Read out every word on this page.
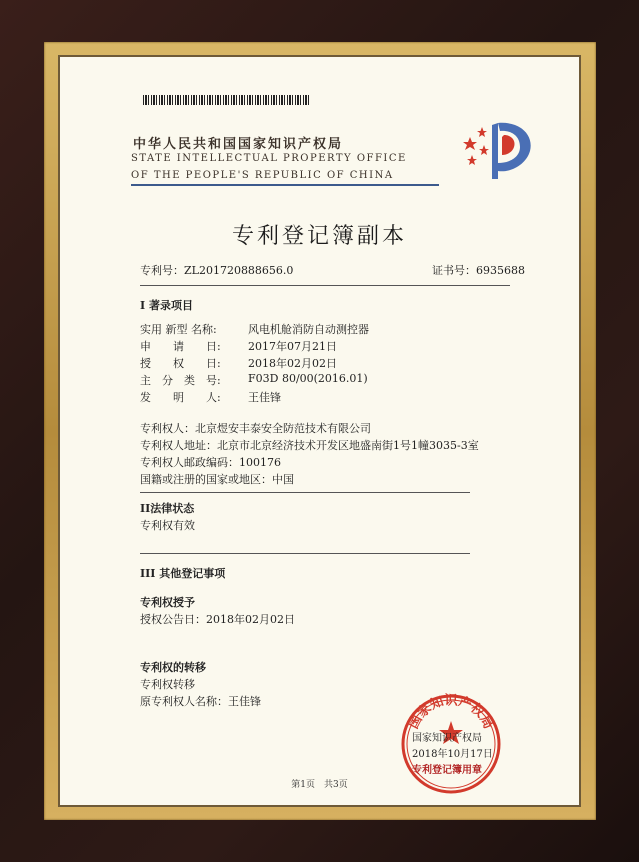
中华人民共和国国家知识产权局
STATE INTELLECTUAL PROPERTY OFFICE
OF THE PEOPLE'S REPUBLIC OF CHINA
专利登记簿副本
专利号：ZL201720888656.0	证书号：6935688
I 著录项目
实用 新型 名称:	风电机舱消防自动测控器
申　　请　　日: 2017年07月21日
授　　权　　日: 2018年02月02日
主　分　类　号: F03D 80/00(2016.01)
发　　明　　人: 王佳锋
专利权人：北京煜安丰泰安全防范技术有限公司
专利权人地址：北京市北京经济技术开发区地盛南街1号1幢3035-3室
专利权人邮政编码：100176
国籍或注册的国家或地区：中国
II法律状态
专利权有效
III 其他登记事项
专利权授予
授权公告日：2018年02月02日
专利权的转移
专利权转移
原专利权人名称：王佳锋
国家知识产权局
国家知识产权局
2018年10月17日
专利登记簿用章
第1页　共3页
